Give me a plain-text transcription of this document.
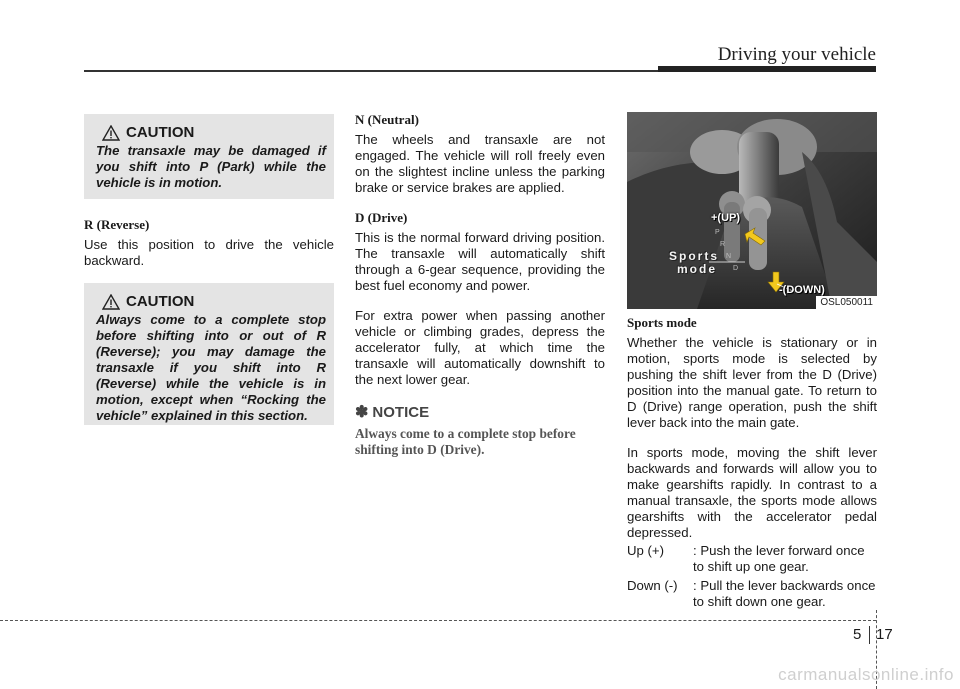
Driving your vehicle
CAUTION
The transaxle may be damaged if you shift into P (Park) while the vehicle is in motion.
R (Reverse)
Use this position to drive the vehicle backward.
CAUTION
Always come to a complete stop before shifting into or out of R (Reverse); you may damage the transaxle if you shift into R (Reverse) while the vehicle is in motion, except when “Rocking the vehicle” explained in this section.
N (Neutral)
The wheels and transaxle are not engaged. The vehicle will roll freely even on the slightest incline unless the parking brake or service brakes are applied.
D (Drive)
This is the normal forward driving position. The transaxle will automatically shift through a 6-gear sequence, providing the best fuel economy and power.
For extra power when passing another vehicle or climbing grades, depress the accelerator fully, at which time the transaxle will automatically downshift to the next lower gear.
✽ NOTICE
Always come to a complete stop before shifting into D (Drive).
P
R
N
D
+(UP)
Sports
mode
-(DOWN)
OSL050011
Sports mode
Whether the vehicle is stationary or in motion, sports mode is selected by pushing the shift lever from the D (Drive) position into the manual gate. To return to D (Drive) range operation, push the shift lever back into the main gate.
In sports mode, moving the shift lever backwards and forwards will allow you to make gearshifts rapidly. In contrast to a manual transaxle, the sports mode allows gearshifts with the accelerator pedal depressed.
Up (+)	: Push the lever forward once to shift up one gear.
Down (-)	: Pull the lever backwards once to shift down one gear.
5 17
carmanualsonline.info
